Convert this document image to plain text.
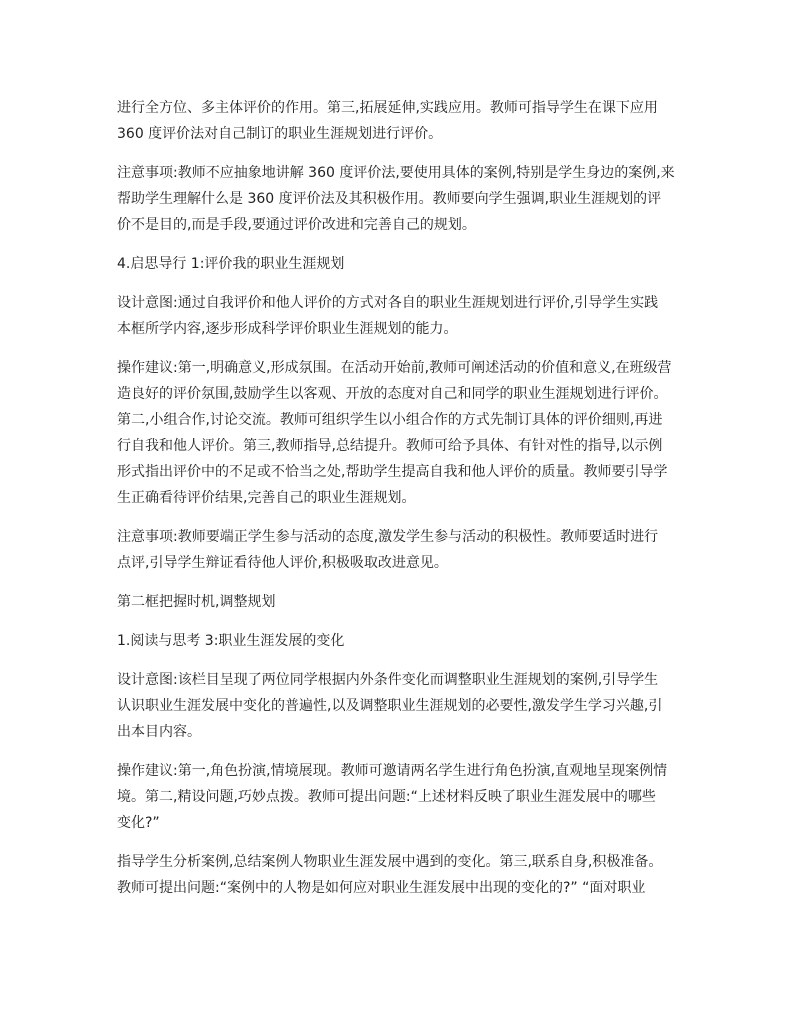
进行全方位、多主体评价的作用。第三,拓展延伸,实践应用。教师可指导学生在课下应用
360 度评价法对自己制订的职业生涯规划进行评价。

注意事项:教师不应抽象地讲解 360 度评价法,要使用具体的案例,特别是学生身边的案例,来
帮助学生理解什么是 360 度评价法及其积极作用。教师要向学生强调,职业生涯规划的评
价不是目的,而是手段,要通过评价改进和完善自己的规划。

4.启思导行 1:评价我的职业生涯规划

设计意图:通过自我评价和他人评价的方式对各自的职业生涯规划进行评价,引导学生实践
本框所学内容,逐步形成科学评价职业生涯规划的能力。

操作建议:第一,明确意义,形成氛围。在活动开始前,教师可阐述活动的价值和意义,在班级营
造良好的评价氛围,鼓励学生以客观、开放的态度对自己和同学的职业生涯规划进行评价。
第二,小组合作,讨论交流。教师可组织学生以小组合作的方式先制订具体的评价细则,再进
行自我和他人评价。第三,教师指导,总结提升。教师可给予具体、有针对性的指导,以示例
形式指出评价中的不足或不恰当之处,帮助学生提高自我和他人评价的质量。教师要引导学
生正确看待评价结果,完善自己的职业生涯规划。

注意事项:教师要端正学生参与活动的态度,激发学生参与活动的积极性。教师要适时进行
点评,引导学生辩证看待他人评价,积极吸取改进意见。

第二框把握时机,调整规划

1.阅读与思考 3:职业生涯发展的变化

设计意图:该栏目呈现了两位同学根据内外条件变化而调整职业生涯规划的案例,引导学生
认识职业生涯发展中变化的普遍性,以及调整职业生涯规划的必要性,激发学生学习兴趣,引
出本目内容。

操作建议:第一,角色扮演,情境展现。教师可邀请两名学生进行角色扮演,直观地呈现案例情
境。第二,精设问题,巧妙点拨。教师可提出问题:“上述材料反映了职业生涯发展中的哪些
变化?”

指导学生分析案例,总结案例人物职业生涯发展中遇到的变化。第三,联系自身,积极准备。
教师可提出问题:“案例中的人物是如何应对职业生涯发展中出现的变化的?” “面对职业
